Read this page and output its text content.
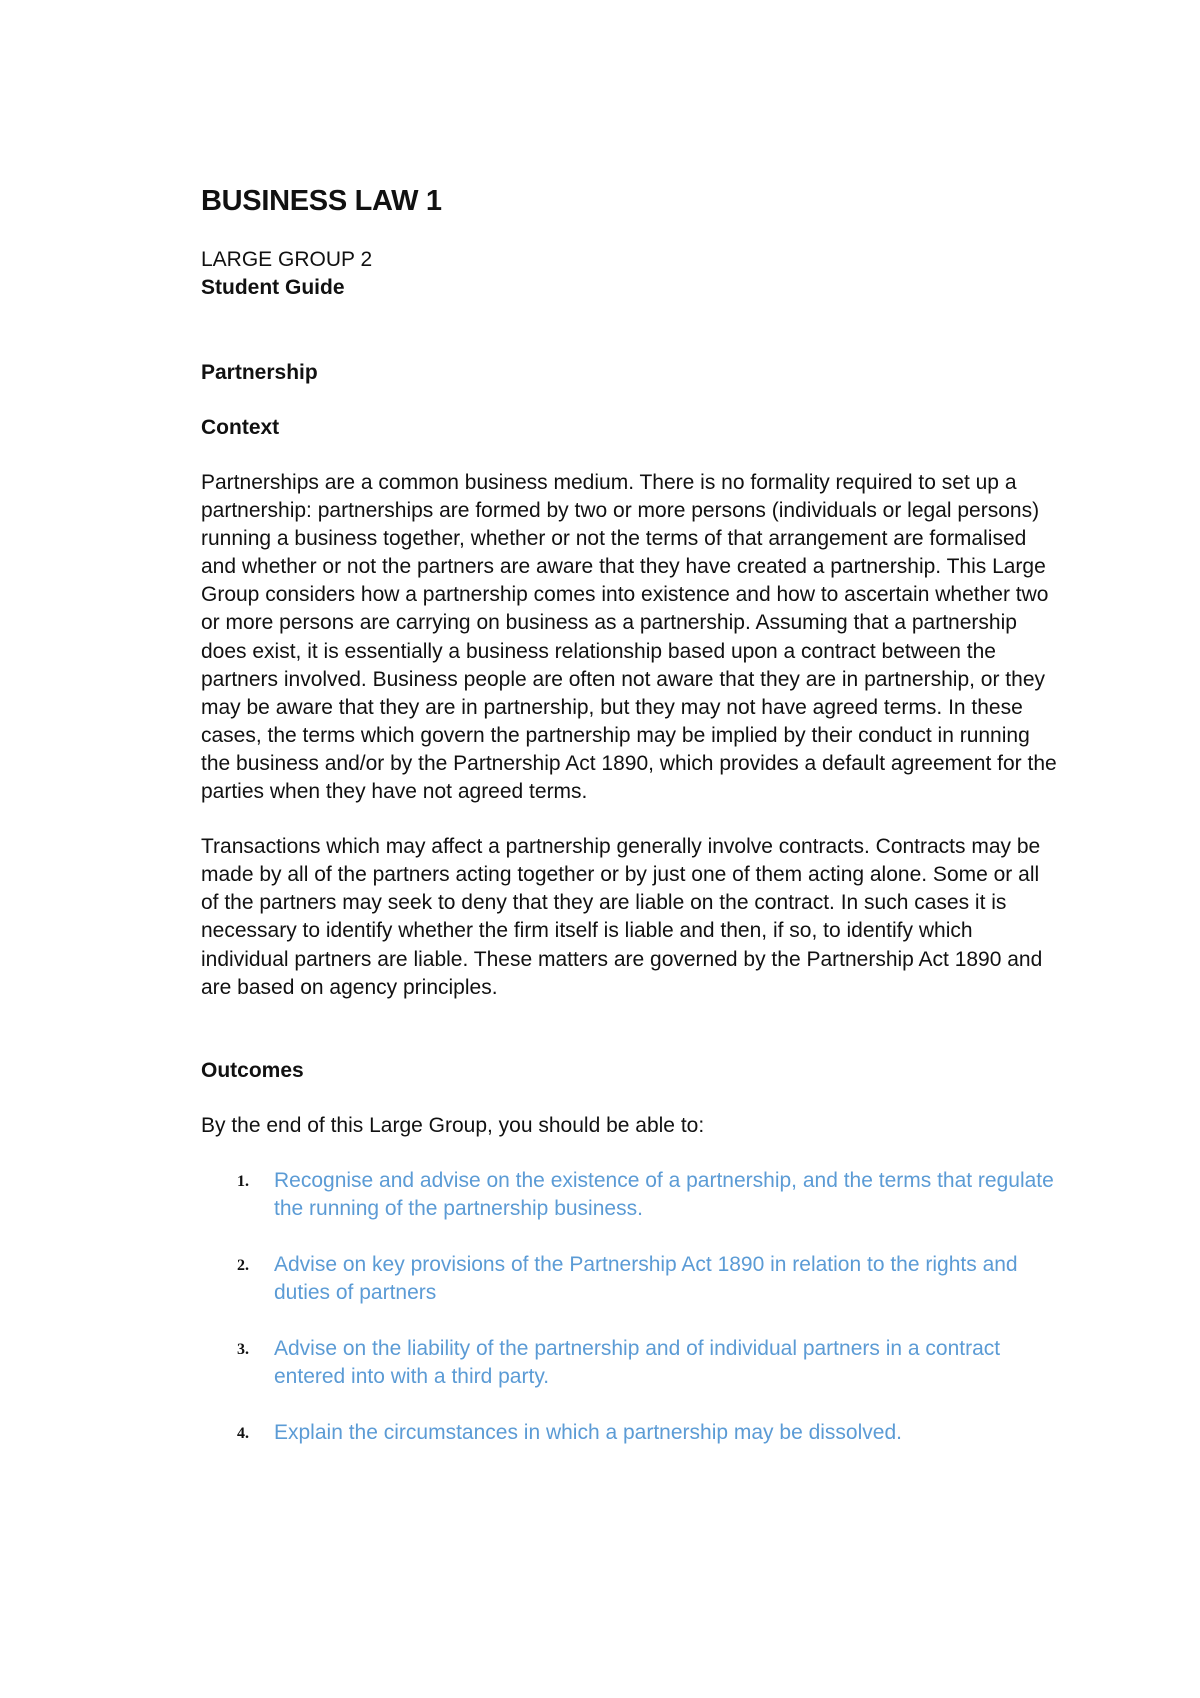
BUSINESS LAW 1

LARGE GROUP 2

Student Guide

Partnership

Context

Partnerships are a common business medium. There is no formality required to set up a partnership: partnerships are formed by two or more persons (individuals or legal persons) running a business together, whether or not the terms of that arrangement are formalised and whether or not the partners are aware that they have created a partnership. This Large Group considers how a partnership comes into existence and how to ascertain whether two or more persons are carrying on business as a partnership. Assuming that a partnership does exist, it is essentially a business relationship based upon a contract between the partners involved. Business people are often not aware that they are in partnership, or they may be aware that they are in partnership, but they may not have agreed terms. In these cases, the terms which govern the partnership may be implied by their conduct in running the business and/or by the Partnership Act 1890, which provides a default agreement for the parties when they have not agreed terms.

Transactions which may affect a partnership generally involve contracts. Contracts may be made by all of the partners acting together or by just one of them acting alone. Some or all of the partners may seek to deny that they are liable on the contract. In such cases it is necessary to identify whether the firm itself is liable and then, if so, to identify which individual partners are liable. These matters are governed by the Partnership Act 1890 and are based on agency principles.

Outcomes

By the end of this Large Group, you should be able to:

1. Recognise and advise on the existence of a partnership, and the terms that regulate the running of the partnership business.
2. Advise on key provisions of the Partnership Act 1890 in relation to the rights and duties of partners
3. Advise on the liability of the partnership and of individual partners in a contract entered into with a third party.
4. Explain the circumstances in which a partnership may be dissolved.
